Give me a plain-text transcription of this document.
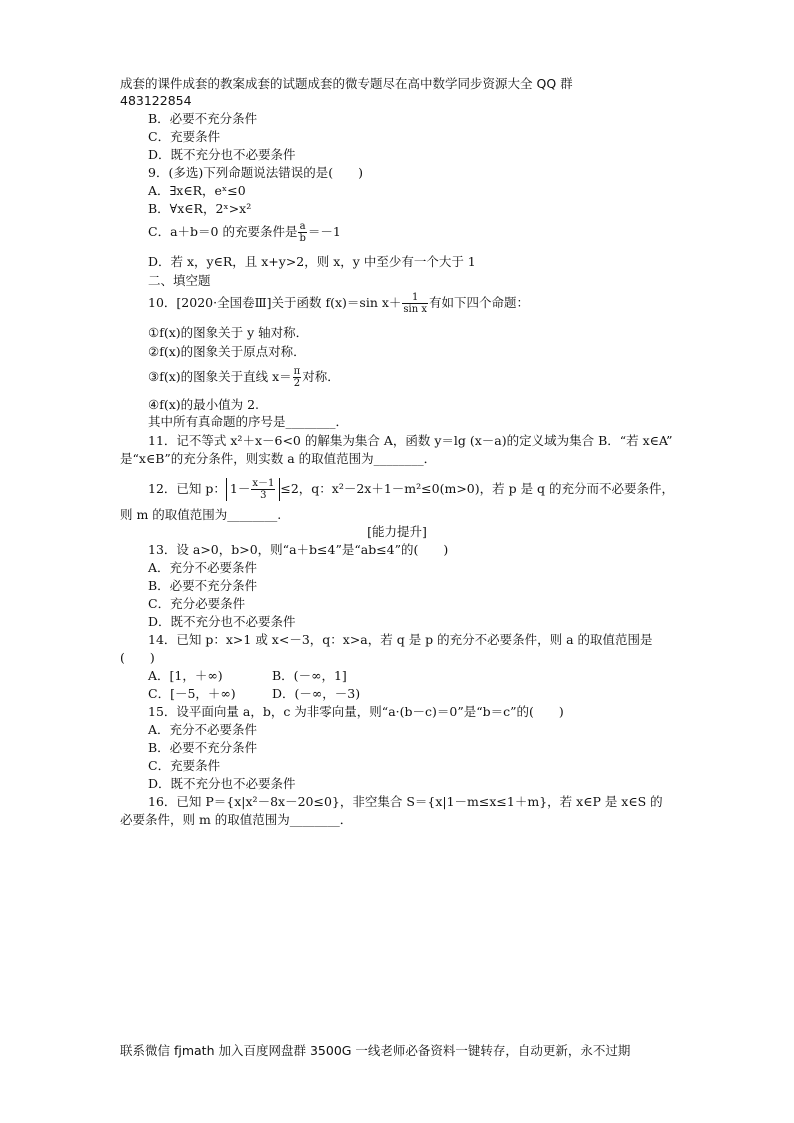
成套的课件成套的教案成套的试题成套的微专题尽在高中数学同步资源大全 QQ 群
483122854
B．必要不充分条件
C．充要条件
D．既不充分也不必要条件
9．(多选)下列命题说法错误的是(　　)
A．∃x∈R，eˣ≤0
B．∀x∈R，2ˣ>x²
C．a＋b＝0 的充要条件是 $\frac{a}{b} =-1$
D．若 x，y∈R，且 x+y>2，则 x，y 中至少有一个大于 1
二、填空题
10．[2020·全国卷Ⅲ]关于函数 f(x)＝sin $x+ \frac{1}{\text{sin x}}$ 有如下四个命题：
①f(x)的图象关于 y 轴对称．
②f(x)的图象关于原点对称．
③f(x)的图象关于直线 $x= \frac{\pi}{2}$ 对称．
④f(x)的最小值为 2.
其中所有真命题的序号是________．
11．记不等式 x²＋x－6<0 的解集为集合 A，函数 y＝lg (x－a)的定义域为集合 B．“若 x∈A”
是“x∈B”的充分条件，则实数 a 的取值范围为________．
12．已知 p： $1- \frac{x-1}{3} \le 2$，q：x²－2x＋1－m²≤0(m>0)，若 p 是 q 的充分而不必要条件，
则 m 的取值范围为________.
[能力提升]
13．设 a>0，b>0，则“a＋b≤4”是“ab≤4”的(　　)
A．充分不必要条件
B．必要不充分条件
C．充分必要条件
D．既不充分也不必要条件
14．已知 p：x>1 或 x<－3，q：x>a，若 q 是 p 的充分不必要条件，则 a 的取值范围是
(　　)
A．[1，＋∞)	B．(－∞，1]
C．[－5，＋∞)	D．(－∞，－3)
15．设平面向量 a，b，c 为非零向量，则“a·(b－c)＝0”是“b＝c”的(　　)
A．充分不必要条件
B．必要不充分条件
C．充要条件
D．既不充分也不必要条件
16．已知 P＝{x|x²－8x－20≤0}，非空集合 S＝{x|1－m≤x≤1＋m}，若 x∈P 是 x∈S 的
必要条件，则 m 的取值范围为________．
联系微信 fjmath 加入百度网盘群 3500G 一线老师必备资料一键转存，自动更新，永不过期
